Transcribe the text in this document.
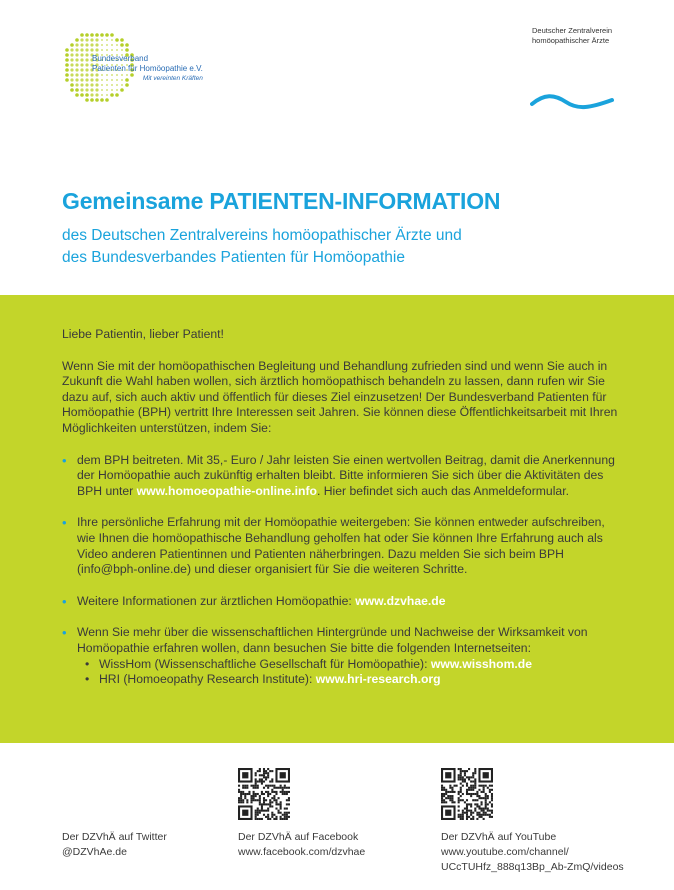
Bundesverband
Patienten für Homöopathie e.V.
Mit vereinten Kräften
Deutscher Zentralverein
homöopathischer Ärzte
Gemeinsame PATIENTEN-INFORMATION
des Deutschen Zentralvereins homöopathischer Ärzte und
des Bundesverbandes Patienten für Homöopathie

Liebe Patientin, lieber Patient!

Wenn Sie mit der homöopathischen Begleitung und Behandlung zufrieden sind und wenn Sie auch in Zukunft die Wahl haben wollen, sich ärztlich homöopathisch behandeln zu lassen, dann rufen wir Sie dazu auf, sich auch aktiv und öffentlich für dieses Ziel einzusetzen! Der Bundesverband Patienten für Homöopathie (BPH) vertritt Ihre Interessen seit Jahren. Sie können diese Öffentlichkeitsarbeit mit Ihren Möglichkeiten unterstützen, indem Sie:

• dem BPH beitreten. Mit 35,- Euro / Jahr leisten Sie einen wertvollen Beitrag, damit die Anerkennung der Homöopathie auch zukünftig erhalten bleibt. Bitte informieren Sie sich über die Aktivitäten des BPH unter www.homoeopathie-online.info. Hier befindet sich auch das Anmeldeformular.
• Ihre persönliche Erfahrung mit der Homöopathie weitergeben: Sie können entweder aufschreiben, wie Ihnen die homöopathische Behandlung geholfen hat oder Sie können Ihre Erfahrung auch als Video anderen Patientinnen und Patienten näherbringen. Dazu melden Sie sich beim BPH (info@bph-online.de) und dieser organisiert für Sie die weiteren Schritte.
• Weitere Informationen zur ärztlichen Homöopathie: www.dzvhae.de
• Wenn Sie mehr über die wissenschaftlichen Hintergründe und Nachweise der Wirksamkeit von Homöopathie erfahren wollen, dann besuchen Sie bitte die folgenden Internetseiten:
• WissHom (Wissenschaftliche Gesellschaft für Homöopathie): www.wisshom.de
• HRI (Homoeopathy Research Institute): www.hri-research.org
Der DZVhÄ auf Twitter
@DZVhAe.de
Der DZVhÄ auf Facebook
www.facebook.com/dzvhae
Der DZVhÄ auf YouTube
www.youtube.com/channel/
UCcTUHfz_888q13Bp_Ab-ZmQ/videos
